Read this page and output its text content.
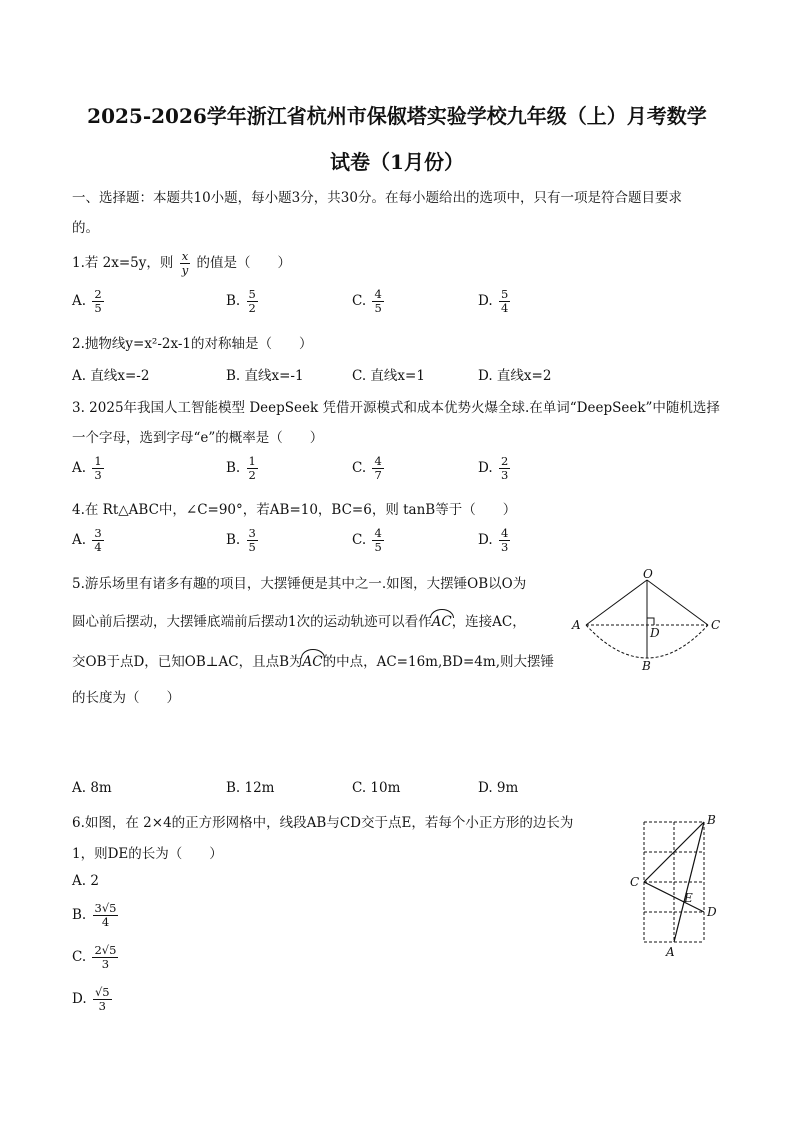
2025-2026学年浙江省杭州市保俶塔实验学校九年级（上）月考数学
试卷（1月份）
一、选择题：本题共10小题，每小题3分，共30分。在每小题给出的选项中，只有一项是符合题目要求
的。
1.若 2x=5y，则 $\frac{x}{y}$ 的值是（　　）
A. $\frac{2}{5}$	B. $\frac{5}{2}$	C. $\frac{4}{5}$	D. $\frac{5}{4}$
2.抛物线y=x²-2x-1的对称轴是（　　）
A. 直线x=-2	B. 直线x=-1	C. 直线x=1	D. 直线x=2
3. 2025年我国人工智能模型 DeepSeek 凭借开源模式和成本优势火爆全球.在单词“DeepSeek”中随机选择
一个字母，选到字母“e”的概率是（　　）
A. $\frac{1}{3}$	B. $\frac{1}{2}$	C. $\frac{4}{7}$	D. $\frac{2}{3}$
4.在 Rt△ABC中，∠C=90°，若AB=10，BC=6，则 tanB等于（　　）
A. $\frac{3}{4}$	B. $\frac{3}{5}$	C. $\frac{4}{5}$	D. $\frac{4}{3}$
5.游乐场里有诸多有趣的项目，大摆锤便是其中之一.如图，大摆锤OB以O为
圆心前后摆动，大摆锤底端前后摆动1次的运动轨迹可以看作AC，连接AC，
交OB于点D，已知OB⊥AC，且点B为AC的中点，AC=16m,BD=4m,则大摆锤
的长度为（　　）
O
A	C
D
B
A. 8m	B. 12m	C. 10m	D. 9m
6.如图，在 2×4的正方形网格中，线段AB与CD交于点E，若每个小正方形的边长为
1，则DE的长为（　　）
A. 2
B. $\frac{3√5}{4}$
C. $\frac{2√5}{3}$
D. $\frac{√5}{3}$
B
C
D
E
A
